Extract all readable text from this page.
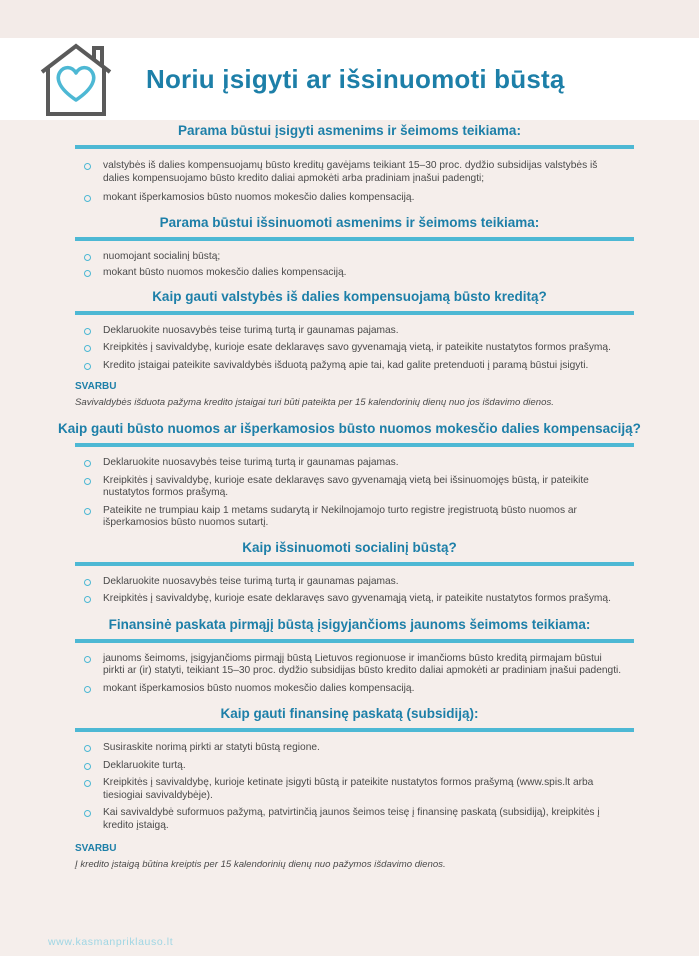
Noriu įsigyti ar išsinuomoti būstą
Parama būstui įsigyti asmenims ir šeimoms teikiama:
valstybės iš dalies kompensuojamų būsto kreditų gavėjams teikiant 15–30 proc. dydžio subsidijas valstybės iš dalies kompensuojamo būsto kredito daliai apmokėti arba pradiniam įnašui padengti;
mokant išperkamosios būsto nuomos mokesčio dalies kompensaciją.
Parama būstui išsinuomoti asmenims ir šeimoms teikiama:
nuomojant socialinį būstą;
mokant būsto nuomos mokesčio dalies kompensaciją.
Kaip gauti valstybės iš dalies kompensuojamą būsto kreditą?
Deklaruokite nuosavybės teise turimą turtą ir gaunamas pajamas.
Kreipkitės į savivaldybę, kurioje esate deklaravęs savo gyvenamąją vietą, ir pateikite nustatytos formos prašymą.
Kredito įstaigai pateikite savivaldybės išduotą pažymą apie tai, kad galite pretenduoti į paramą būstui įsigyti.
SVARBU
Savivaldybės išduota pažyma kredito įstaigai turi būti pateikta per 15 kalendorinių dienų nuo jos išdavimo dienos.
Kaip gauti būsto nuomos ar išperkamosios būsto nuomos mokesčio dalies kompensaciją?
Deklaruokite nuosavybės teise turimą turtą ir gaunamas pajamas.
Kreipkitės į savivaldybę, kurioje esate deklaravęs savo gyvenamąją vietą bei išsinuomojęs būstą, ir pateikite nustatytos formos prašymą.
Pateikite ne trumpiau kaip 1 metams sudarytą ir Nekilnojamojo turto registre įregistruotą būsto nuomos ar išperkamosios būsto nuomos sutartį.
Kaip išsinuomoti socialinį būstą?
Deklaruokite nuosavybės teise turimą turtą ir gaunamas pajamas.
Kreipkitės į savivaldybę, kurioje esate deklaravęs savo gyvenamąją vietą, ir pateikite nustatytos formos prašymą.
Finansinė paskata pirmąjį būstą įsigyjančioms jaunoms šeimoms teikiama:
jaunoms šeimoms, įsigyjančioms pirmąjį būstą Lietuvos regionuose ir imančioms būsto kreditą pirmajam būstui pirkti ar (ir) statyti, teikiant 15–30 proc. dydžio subsidijas būsto kredito daliai apmokėti ar pradiniam įnašui padengti.
mokant išperkamosios būsto nuomos mokesčio dalies kompensaciją.
Kaip gauti finansinę paskatą (subsidiją):
Susiraskite norimą pirkti ar statyti būstą regione.
Deklaruokite turtą.
Kreipkitės į savivaldybę, kurioje ketinate įsigyti būstą ir pateikite nustatytos formos prašymą (www.spis.lt arba tiesiogiai savivaldybėje).
Kai savivaldybė suformuos pažymą, patvirtinčią jaunos šeimos teisę į finansinę paskatą (subsidiją), kreipkitės į kredito įstaigą.
SVARBU
Į kredito įstaigą būtina kreiptis per 15 kalendorinių dienų nuo pažymos išdavimo dienos.
www.kasmanpriklauso.lt
